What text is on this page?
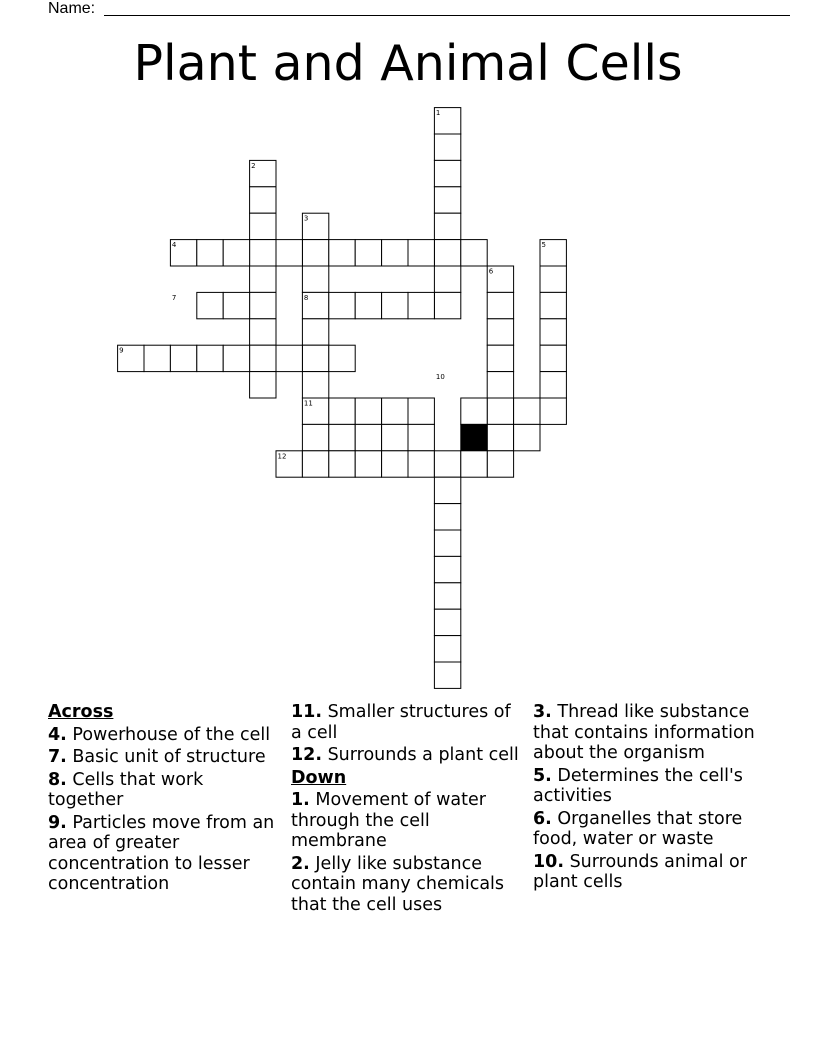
Name:
Plant and Animal Cells
1
2
3
4	5
6
7	8
9
10
11
12
Across
4. Powerhouse of the cell
7. Basic unit of structure
8. Cells that work together
9. Particles move from an area of greater concentration to lesser concentration
11. Smaller structures of a cell
12. Surrounds a plant cell
Down
1. Movement of water through the cell membrane
2. Jelly like substance contain many chemicals that the cell uses
3. Thread like substance that contains information about the organism
5. Determines the cell's activities
6. Organelles that store food, water or waste
10. Surrounds animal or plant cells
